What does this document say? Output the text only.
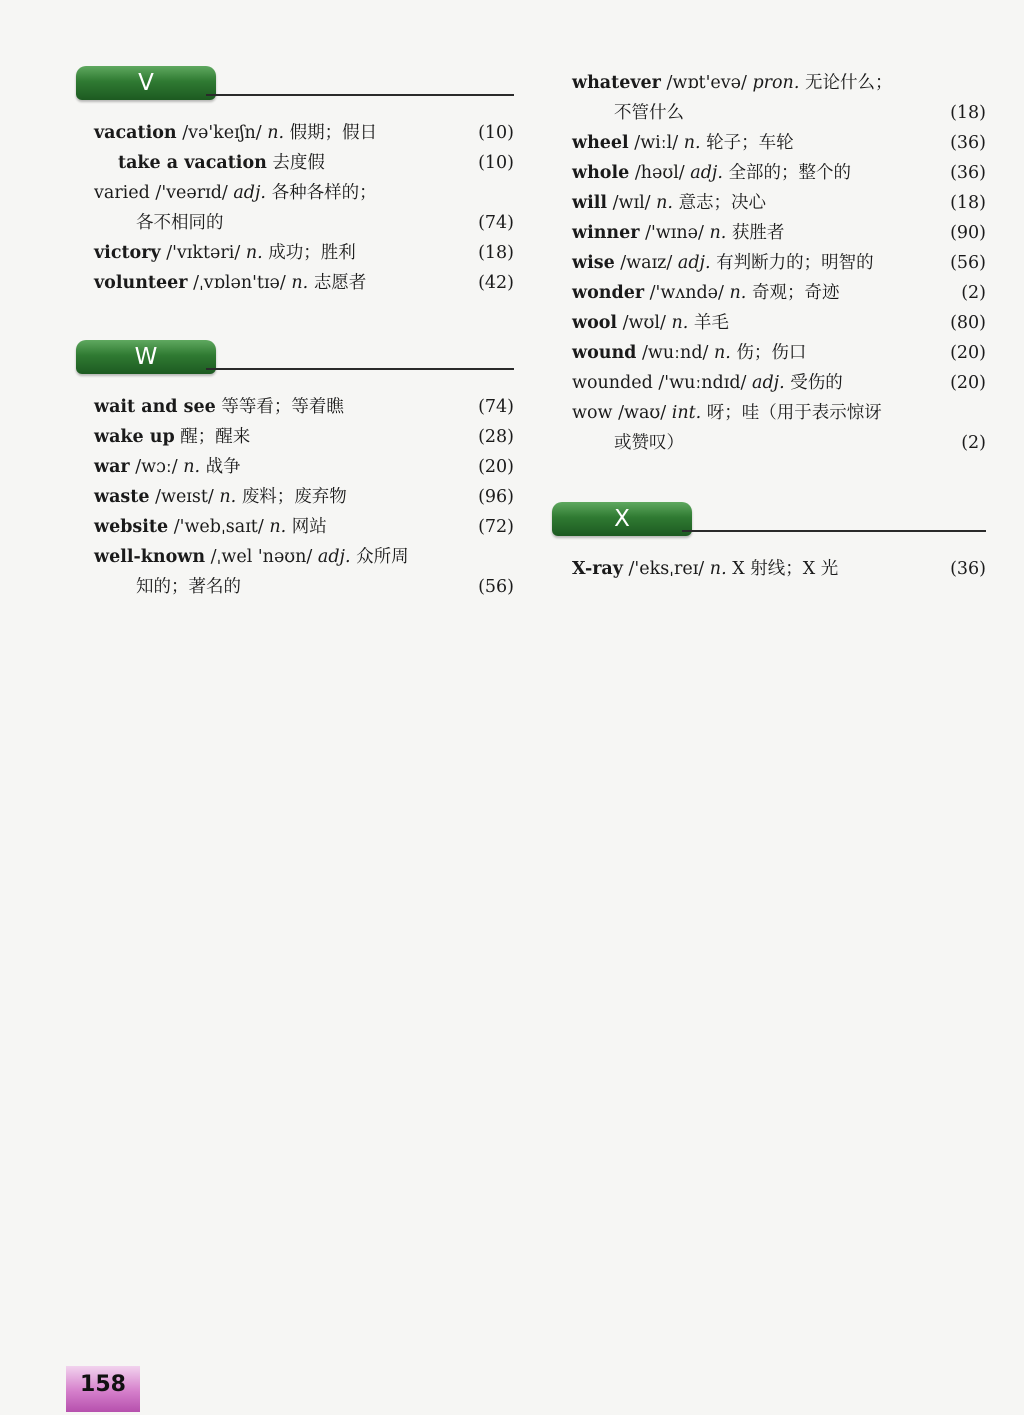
V
vacation /və'keɪʃn/ n. 假期；假日	(10)
take a vacation 去度假	(10)
varied /'veərɪd/ adj. 各种各样的；
各不相同的	(74)
victory /'vɪktəri/ n. 成功；胜利	(18)
volunteer /ˌvɒlən'tɪə/ n. 志愿者	(42)
W
wait and see 等等看；等着瞧	(74)
wake up 醒；醒来	(28)
war /wɔː/ n. 战争	(20)
waste /weɪst/ n. 废料；废弃物	(96)
website /'webˌsaɪt/ n. 网站	(72)
well-known /ˌwel 'nəʊn/ adj. 众所周
知的；著名的	(56)
whatever /wɒt'evə/ pron. 无论什么；
不管什么	(18)
wheel /wiːl/ n. 轮子；车轮	(36)
whole /həʊl/ adj. 全部的；整个的	(36)
will /wɪl/ n. 意志；决心	(18)
winner /'wɪnə/ n. 获胜者	(90)
wise /waɪz/ adj. 有判断力的；明智的	(56)
wonder /'wʌndə/ n. 奇观；奇迹	(2)
wool /wʊl/ n. 羊毛	(80)
wound /wuːnd/ n. 伤；伤口	(20)
wounded /'wuːndɪd/ adj. 受伤的	(20)
wow /waʊ/ int. 呀；哇（用于表示惊讶
或赞叹）	(2)
X
X-ray /'eksˌreɪ/ n. X 射线；X 光	(36)
158
